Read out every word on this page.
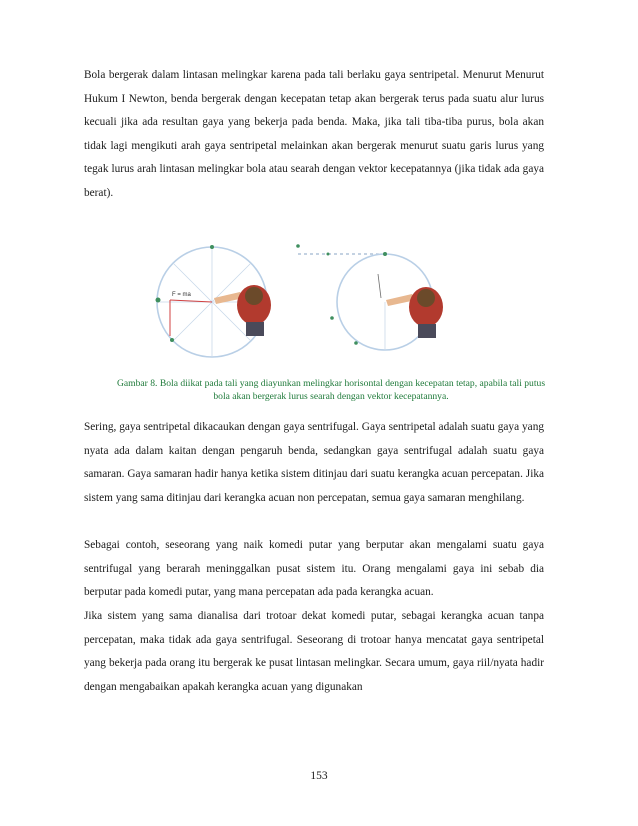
Bola bergerak dalam lintasan melingkar karena pada tali berlaku gaya sentripetal. Menurut Menurut Hukum I Newton, benda bergerak dengan kecepatan tetap akan bergerak terus pada suatu alur lurus kecuali jika ada resultan gaya yang bekerja pada benda. Maka, jika tali tiba-tiba purus, bola akan tidak lagi mengikuti arah gaya sentripetal melainkan akan bergerak menurut suatu garis lurus yang tegak lurus arah lintasan melingkar bola atau searah dengan vektor kecepatannya (jika tidak ada gaya berat).

F = ma

Gambar 8. Bola diikat pada tali yang diayunkan melingkar horisontal dengan kecepatan tetap, apabila tali putus bola akan bergerak lurus searah dengan vektor kecepatannya.

Sering, gaya sentripetal dikacaukan dengan gaya sentrifugal. Gaya sentripetal adalah suatu gaya yang nyata ada dalam kaitan dengan pengaruh benda, sedangkan gaya sentrifugal adalah suatu gaya samaran. Gaya samaran hadir hanya ketika sistem ditinjau dari suatu kerangka acuan percepatan. Jika sistem yang sama ditinjau dari kerangka acuan non percepatan, semua gaya samaran menghilang.

Sebagai contoh, seseorang yang naik komedi putar yang berputar akan mengalami suatu gaya sentrifugal yang berarah meninggalkan pusat sistem itu. Orang mengalami gaya ini sebab dia berputar pada komedi putar, yang mana percepatan ada pada kerangka acuan.

Jika sistem yang sama dianalisa dari trotoar dekat komedi putar, sebagai kerangka acuan tanpa percepatan, maka tidak ada gaya sentrifugal. Seseorang di trotoar hanya mencatat gaya sentripetal yang bekerja pada orang itu bergerak ke pusat lintasan melingkar. Secara umum, gaya riil/nyata hadir dengan mengabaikan apakah kerangka acuan yang digunakan

153
